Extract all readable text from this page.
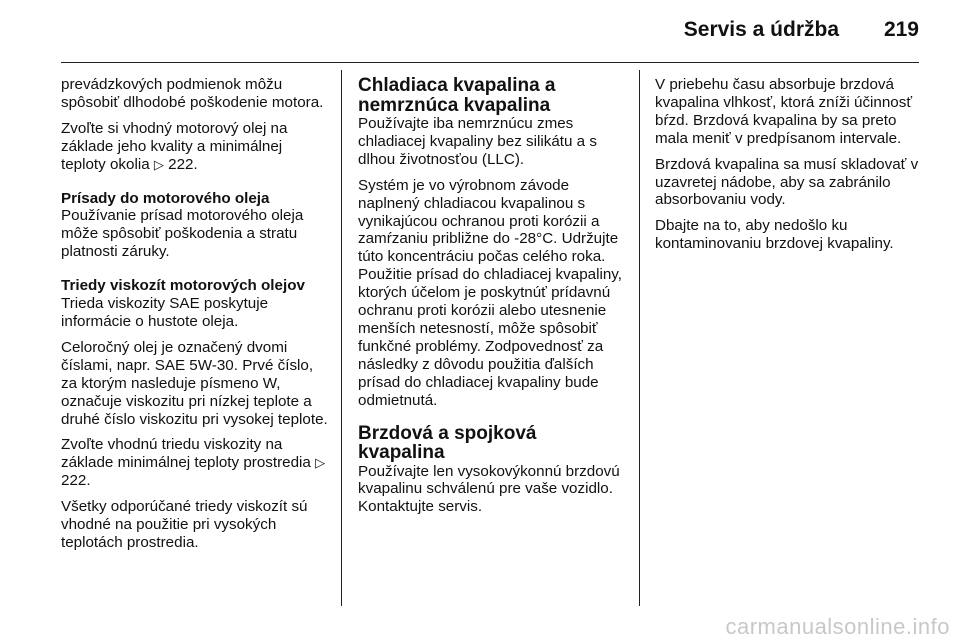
Servis a údržba 219

prevádzkových podmienok môžu spôsobiť dlhodobé poškodenie motora.

Zvoľte si vhodný motorový olej na základe jeho kvality a minimálnej teploty okolia ▷ 222.

Prísady do motorového oleja

Používanie prísad motorového oleja môže spôsobiť poškodenia a stratu platnosti záruky.

Triedy viskozít motorových olejov

Trieda viskozity SAE poskytuje informácie o hustote oleja.

Celoročný olej je označený dvomi číslami, napr. SAE 5W-30. Prvé číslo, za ktorým nasleduje písmeno W, označuje viskozitu pri nízkej teplote a druhé číslo viskozitu pri vysokej teplote.

Zvoľte vhodnú triedu viskozity na základe minimálnej teploty prostredia ▷ 222.

Všetky odporúčané triedy viskozít sú vhodné na použitie pri vysokých teplotách prostredia.

Chladiaca kvapalina a nemrznúca kvapalina

Používajte iba nemrznúcu zmes chladiacej kvapaliny bez silikátu a s dlhou životnosťou (LLC).

Systém je vo výrobnom závode naplnený chladiacou kvapalinou s vynikajúcou ochranou proti korózii a zamŕzaniu približne do -28°C. Udržujte túto koncentráciu počas celého roka. Použitie prísad do chladiacej kvapaliny, ktorých účelom je poskytnúť prídavnú ochranu proti korózii alebo utesnenie menších netesností, môže spôsobiť funkčné problémy. Zodpovednosť za následky z dôvodu použitia ďalších prísad do chladiacej kvapaliny bude odmietnutá.

Brzdová a spojková kvapalina

Používajte len vysokovýkonnú brzdovú kvapalinu schválenú pre vaše vozidlo. Kontaktujte servis.

V priebehu času absorbuje brzdová kvapalina vlhkosť, ktorá zníži účinnosť bŕzd. Brzdová kvapalina by sa preto mala meniť v predpísanom intervale.

Brzdová kvapalina sa musí skladovať v uzavretej nádobe, aby sa zabránilo absorbovaniu vody.

Dbajte na to, aby nedošlo ku kontaminovaniu brzdovej kvapaliny.

carmanualsonline.info
